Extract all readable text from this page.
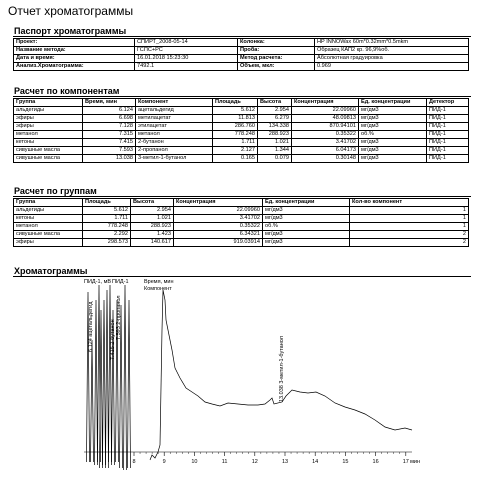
Отчет хроматограммы
Паспорт хроматограммы
Проект:	СПИРТ_2008-05-14	Колонка:	HP INNOWax 60m*0.32mm*0.5mkm
Название метода:	ГСПС+РС	Проба:	Образец КАП2 кр. 96,9%об.
Дата и время:	16.01.2018 15:23:30	Метод расчета:	Абсолютная градуировка
Анализ.Хроматограмма:	7492.1	Объем, мкл:	0.969
Расчет по компонентам
Группа	Время, мин	Компонент	Площадь	Высота	Концентрация	Ед. концентрации	Детектор
альдегиды	6.124	ацетальдегид	5.612	2.954	22.09960	мг/дм3	ПИД-1
эфиры	6.698	метилацетат	11.813	6.279	48.09813	мг/дм3	ПИД-1
эфиры	7.128	этилацетат	286.760	134.338	870.94101	мг/дм3	ПИД-1
метанол	7.315	метанол	778.248	288.923	0.35322	об.%	ПИД-1
кетоны	7.415	2-бутанон	1.711	1.021	3.41702	мг/дм3	ПИД-1
сивушные масла	7.593	2-пропанол	2.127	1.344	6.04173	мг/дм3	ПИД-1
сивушные масла	13.038	3-метил-1-бутанол	0.165	0.079	0.30148	мг/дм3	ПИД-1
Расчет по группам
Группа	Площадь	Высота	Концентрация	Ед. концентрации	Кол-во компонент
альдегиды	5.612	2.954	22.09960	мг/дм3	1
кетоны	1.711	1.021	3.41702	мг/дм3	1
метанол	778.248	288.923	0.35322	об.%	1
сивушные масла	2.292	1.423	6.34321	мг/дм3	2
эфиры	298.573	140.617	919.03914	мг/дм3	2
Хроматограммы
8	9	10	11	12	13	14	15	16	17 мин
ПИД-1, мВ ПИД-1	Время, мин
Компонент
6.124 ацетальдегид	7.415 2-бутанон 7.593 2-пропанол
13.038 3-метил-1-бутанол
